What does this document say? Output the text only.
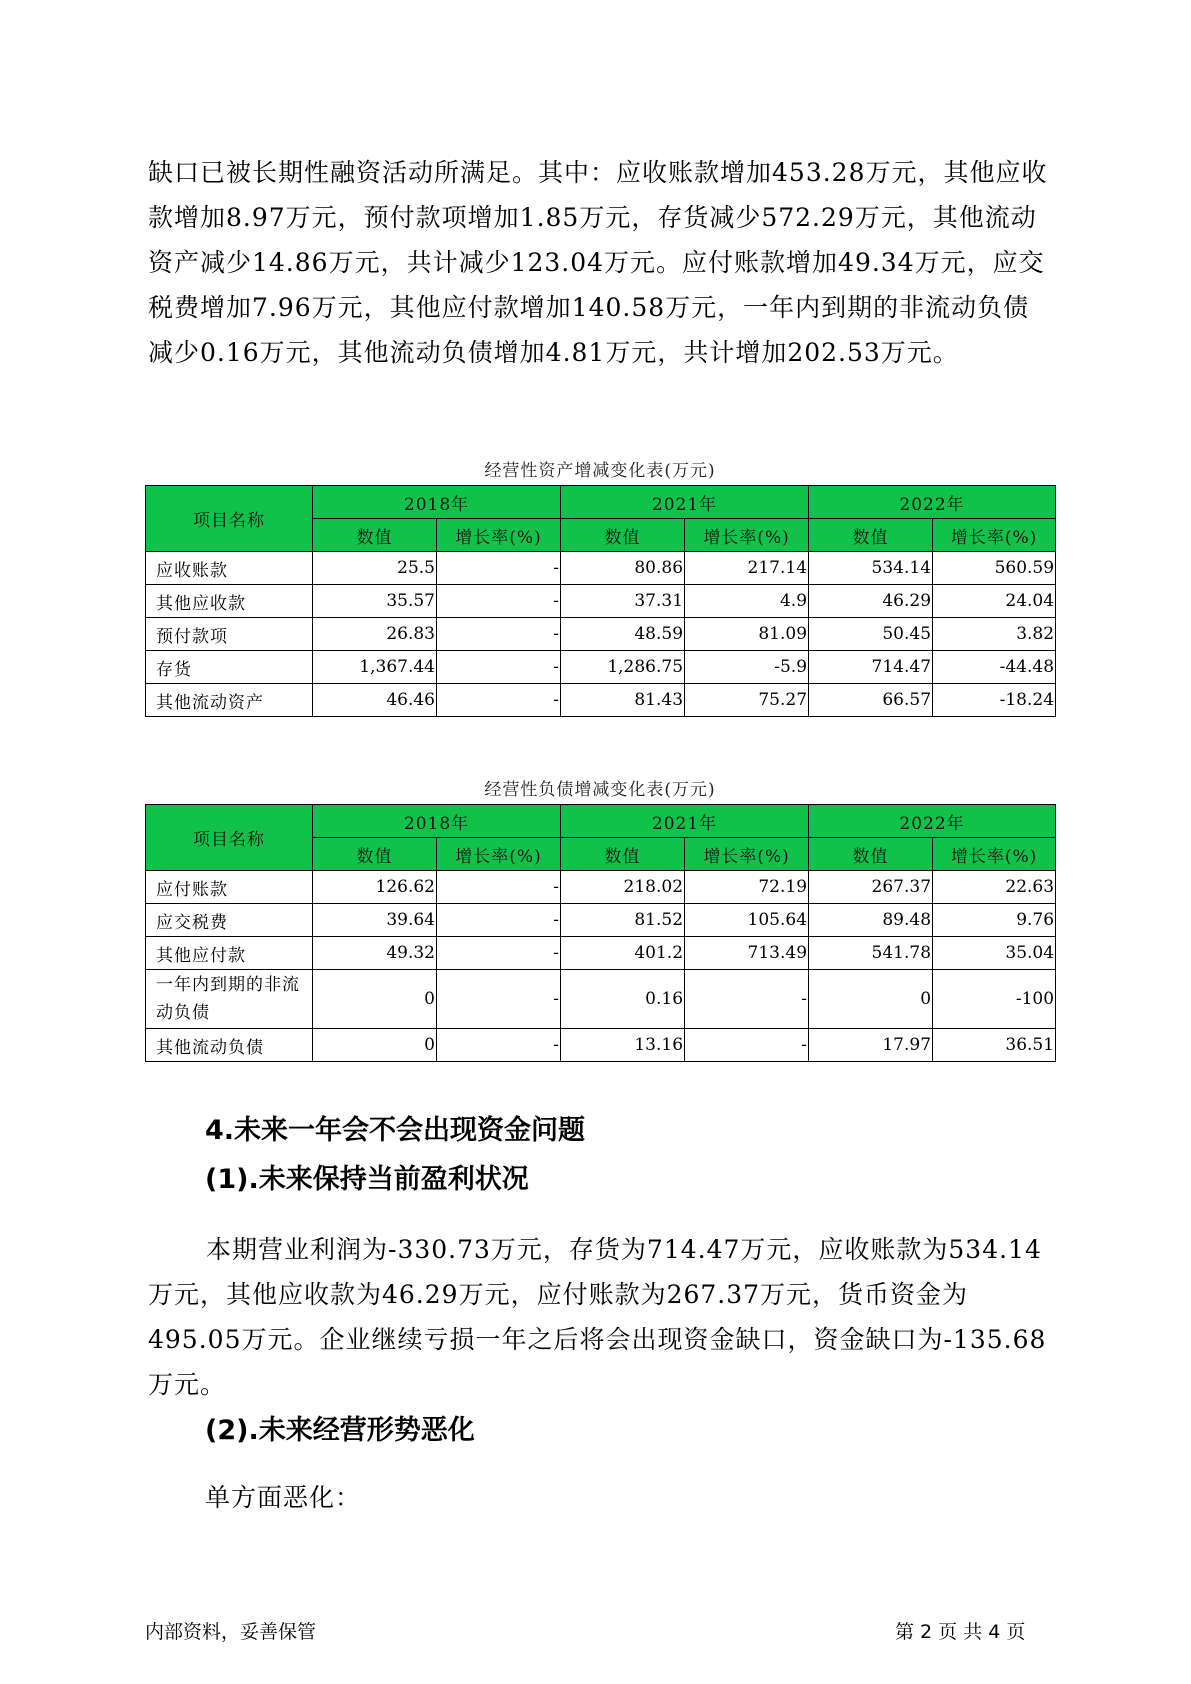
缺口已被长期性融资活动所满足。其中：应收账款增加453.28万元，其他应收款增加8.97万元，预付款项增加1.85万元，存货减少572.29万元，其他流动资产减少14.86万元，共计减少123.04万元。应付账款增加49.34万元，应交税费增加7.96万元，其他应付款增加140.58万元，一年内到期的非流动负债减少0.16万元，其他流动负债增加4.81万元，共计增加202.53万元。
经营性资产增减变化表(万元)
项目名称	2018年		2021年		2022年	
	数值	增长率(%)	数值	增长率(%)	数值	增长率(%)
应收账款	25.5	-	80.86	217.14	534.14	560.59
其他应收款	35.57	-	37.31	4.9	46.29	24.04
预付款项	26.83	-	48.59	81.09	50.45	3.82
存货	1,367.44	-	1,286.75	-5.9	714.47	-44.48
其他流动资产	46.46	-	81.43	75.27	66.57	-18.24
经营性负债增减变化表(万元)
项目名称	2018年		2021年		2022年	
	数值	增长率(%)	数值	增长率(%)	数值	增长率(%)
应付账款	126.62	-	218.02	72.19	267.37	22.63
应交税费	39.64	-	81.52	105.64	89.48	9.76
其他应付款	49.32	-	401.2	713.49	541.78	35.04
一年内到期的非流动负债	0	-	0.16	-	0	-100
其他流动负债	0	-	13.16	-	17.97	36.51
4.未来一年会不会出现资金问题
(1).未来保持当前盈利状况
本期营业利润为-330.73万元，存货为714.47万元，应收账款为534.14万元，其他应收款为46.29万元，应付账款为267.37万元，货币资金为495.05万元。企业继续亏损一年之后将会出现资金缺口，资金缺口为-135.68万元。
(2).未来经营形势恶化
单方面恶化：
内部资料，妥善保管	第 2 页 共 4 页
